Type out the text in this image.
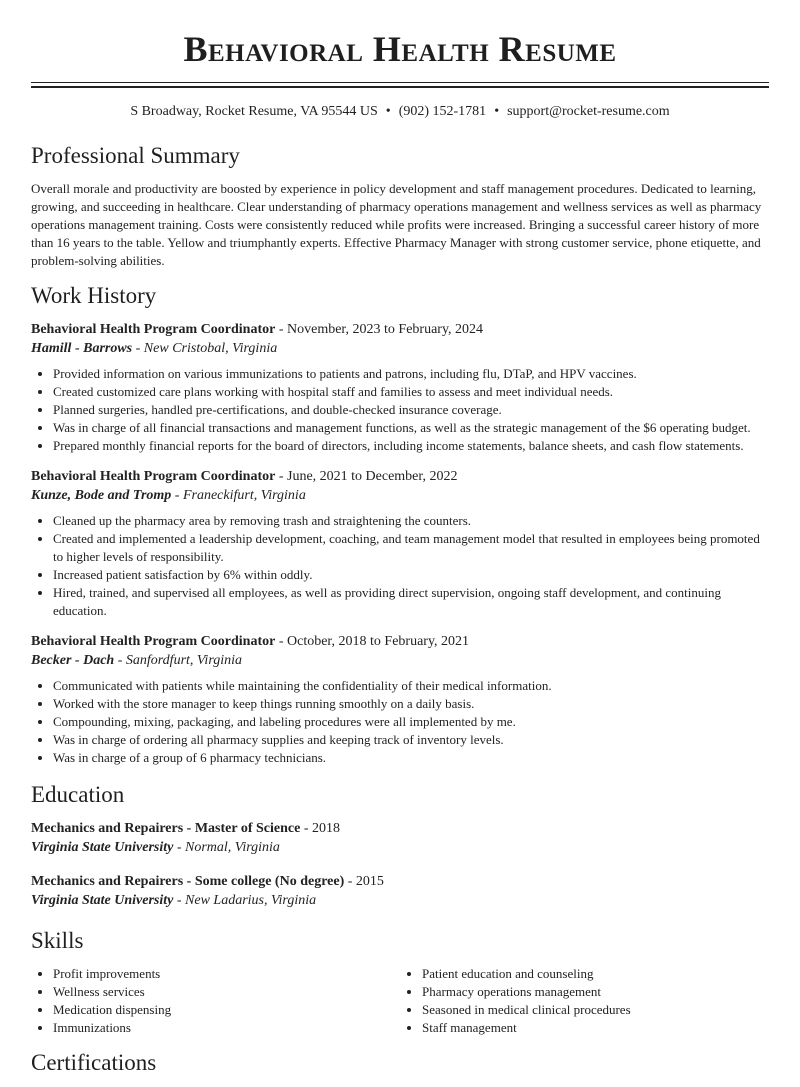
Behavioral Health Resume
S Broadway, Rocket Resume, VA 95544 US • (902) 152-1781 • support@rocket-resume.com
Professional Summary

Overall morale and productivity are boosted by experience in policy development and staff management procedures. Dedicated to learning, growing, and succeeding in healthcare. Clear understanding of pharmacy operations management and wellness services as well as pharmacy operations management training. Costs were consistently reduced while profits were increased. Bringing a successful career history of more than 16 years to the table. Yellow and triumphantly experts. Effective Pharmacy Manager with strong customer service, phone etiquette, and problem-solving abilities.

Work History
Behavioral Health Program Coordinator - November, 2023 to February, 2024
Hamill - Barrows - New Cristobal, Virginia
• Provided information on various immunizations to patients and patrons, including flu, DTaP, and HPV vaccines.
• Created customized care plans working with hospital staff and families to assess and meet individual needs.
• Planned surgeries, handled pre-certifications, and double-checked insurance coverage.
• Was in charge of all financial transactions and management functions, as well as the strategic management of the $6 operating budget.
• Prepared monthly financial reports for the board of directors, including income statements, balance sheets, and cash flow statements.
Behavioral Health Program Coordinator - June, 2021 to December, 2022
Kunze, Bode and Tromp - Franeckifurt, Virginia
• Cleaned up the pharmacy area by removing trash and straightening the counters.
• Created and implemented a leadership development, coaching, and team management model that resulted in employees being promoted to higher levels of responsibility.
• Increased patient satisfaction by 6% within oddly.
• Hired, trained, and supervised all employees, as well as providing direct supervision, ongoing staff development, and continuing education.
Behavioral Health Program Coordinator - October, 2018 to February, 2021
Becker - Dach - Sanfordfurt, Virginia
• Communicated with patients while maintaining the confidentiality of their medical information.
• Worked with the store manager to keep things running smoothly on a daily basis.
• Compounding, mixing, packaging, and labeling procedures were all implemented by me.
• Was in charge of ordering all pharmacy supplies and keeping track of inventory levels.
• Was in charge of a group of 6 pharmacy technicians.
Education
Mechanics and Repairers - Master of Science - 2018
Virginia State University - Normal, Virginia
Mechanics and Repairers - Some college (No degree) - 2015
Virginia State University - New Ladarius, Virginia
Skills
• Profit improvements
• Wellness services
• Medication dispensing
• Immunizations
• Patient education and counseling
• Pharmacy operations management
• Seasoned in medical clinical procedures
• Staff management
Certifications
